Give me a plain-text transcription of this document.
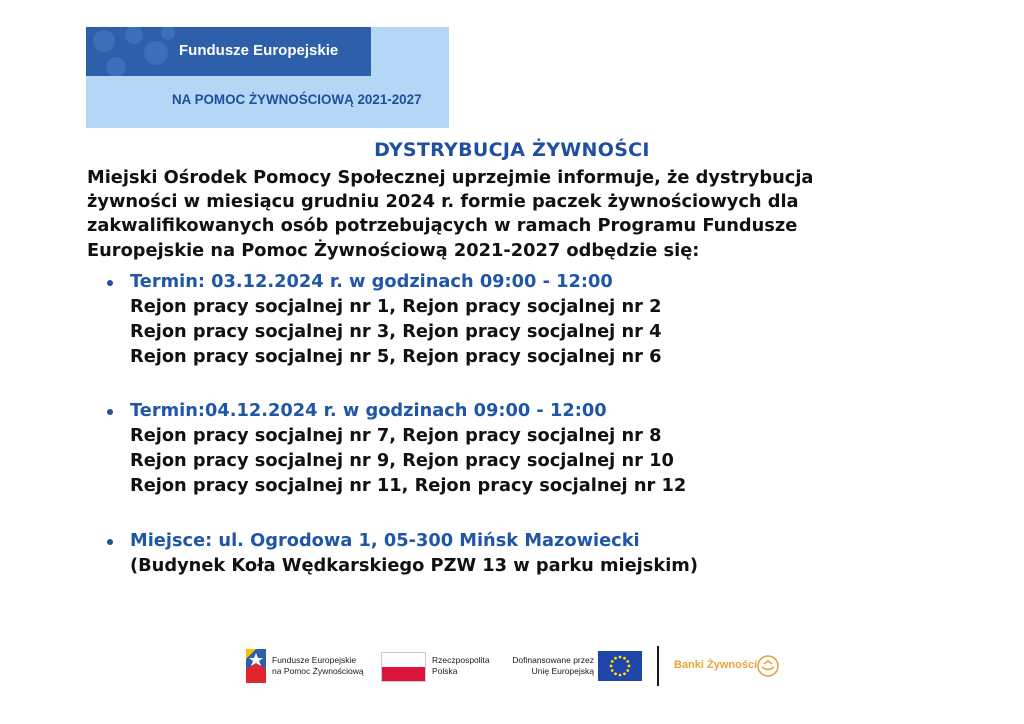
Fundusze Europejskie
NA POMOC ŻYWNOŚCIOWĄ 2021-2027
DYSTRYBUCJA ŻYWNOŚCI
Miejski Ośrodek Pomocy Społecznej uprzejmie informuje, że dystrybucja
żywności w miesiącu grudniu 2024 r. formie paczek żywnościowych dla
zakwalifikowanych osób potrzebujących w ramach Programu Fundusze
Europejskie na Pomoc Żywnościową 2021-2027 odbędzie się:
Termin: 03.12.2024 r. w godzinach 09:00 - 12:00
Rejon pracy socjalnej nr 1, Rejon pracy socjalnej nr 2
Rejon pracy socjalnej nr 3, Rejon pracy socjalnej nr 4
Rejon pracy socjalnej nr 5, Rejon pracy socjalnej nr 6
Termin:04.12.2024 r. w godzinach 09:00 - 12:00
Rejon pracy socjalnej nr 7, Rejon pracy socjalnej nr 8
Rejon pracy socjalnej nr 9, Rejon pracy socjalnej nr 10
Rejon pracy socjalnej nr 11, Rejon pracy socjalnej nr 12
Miejsce: ul. Ogrodowa 1, 05-300 Mińsk Mazowiecki
(Budynek Koła Wędkarskiego PZW 13 w parku miejskim)
Fundusze Europejskie
na Pomoc Żywnościową
Rzeczpospolita
Polska
Dofinansowane przez
Unię Europejską	Banki Żywności
